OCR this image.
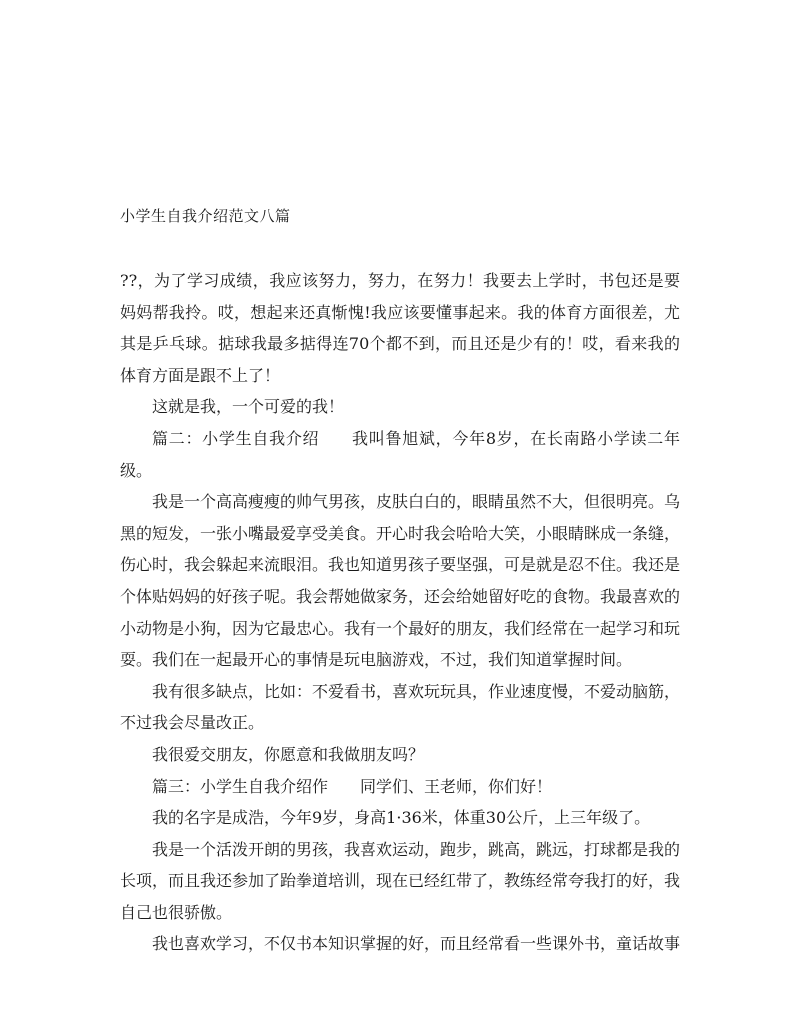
小学生自我介绍范文八篇

??，为了学习成绩，我应该努力，努力，在努力！我要去上学时，书包还是要妈妈帮我拎。哎，想起来还真惭愧!我应该要懂事起来。我的体育方面很差，尤其是乒乓球。掂球我最多掂得连70个都不到，而且还是少有的！哎，看来我的体育方面是跟不上了！

这就是我，一个可爱的我！

篇二：小学生自我介绍 我叫鲁旭斌，今年8岁，在长南路小学读二年级。

我是一个高高瘦瘦的帅气男孩，皮肤白白的，眼睛虽然不大，但很明亮。乌黑的短发，一张小嘴最爱享受美食。开心时我会哈哈大笑，小眼睛眯成一条缝，伤心时，我会躲起来流眼泪。我也知道男孩子要坚强，可是就是忍不住。我还是个体贴妈妈的好孩子呢。我会帮她做家务，还会给她留好吃的食物。我最喜欢的小动物是小狗，因为它最忠心。我有一个最好的朋友，我们经常在一起学习和玩耍。我们在一起最开心的事情是玩电脑游戏，不过，我们知道掌握时间。

我有很多缺点，比如：不爱看书，喜欢玩玩具，作业速度慢，不爱动脑筋，不过我会尽量改正。

我很爱交朋友，你愿意和我做朋友吗？

篇三：小学生自我介绍作 同学们、王老师，你们好！

我的名字是成浩，今年9岁，身高1·36米，体重30公斤，上三年级了。

我是一个活泼开朗的男孩，我喜欢运动，跑步，跳高，跳远，打球都是我的长项，而且我还参加了跆拳道培训，现在已经红带了，教练经常夸我打的好，我自己也很骄傲。

我也喜欢学习，不仅书本知识掌握的好，而且经常看一些课外书，童话故事
